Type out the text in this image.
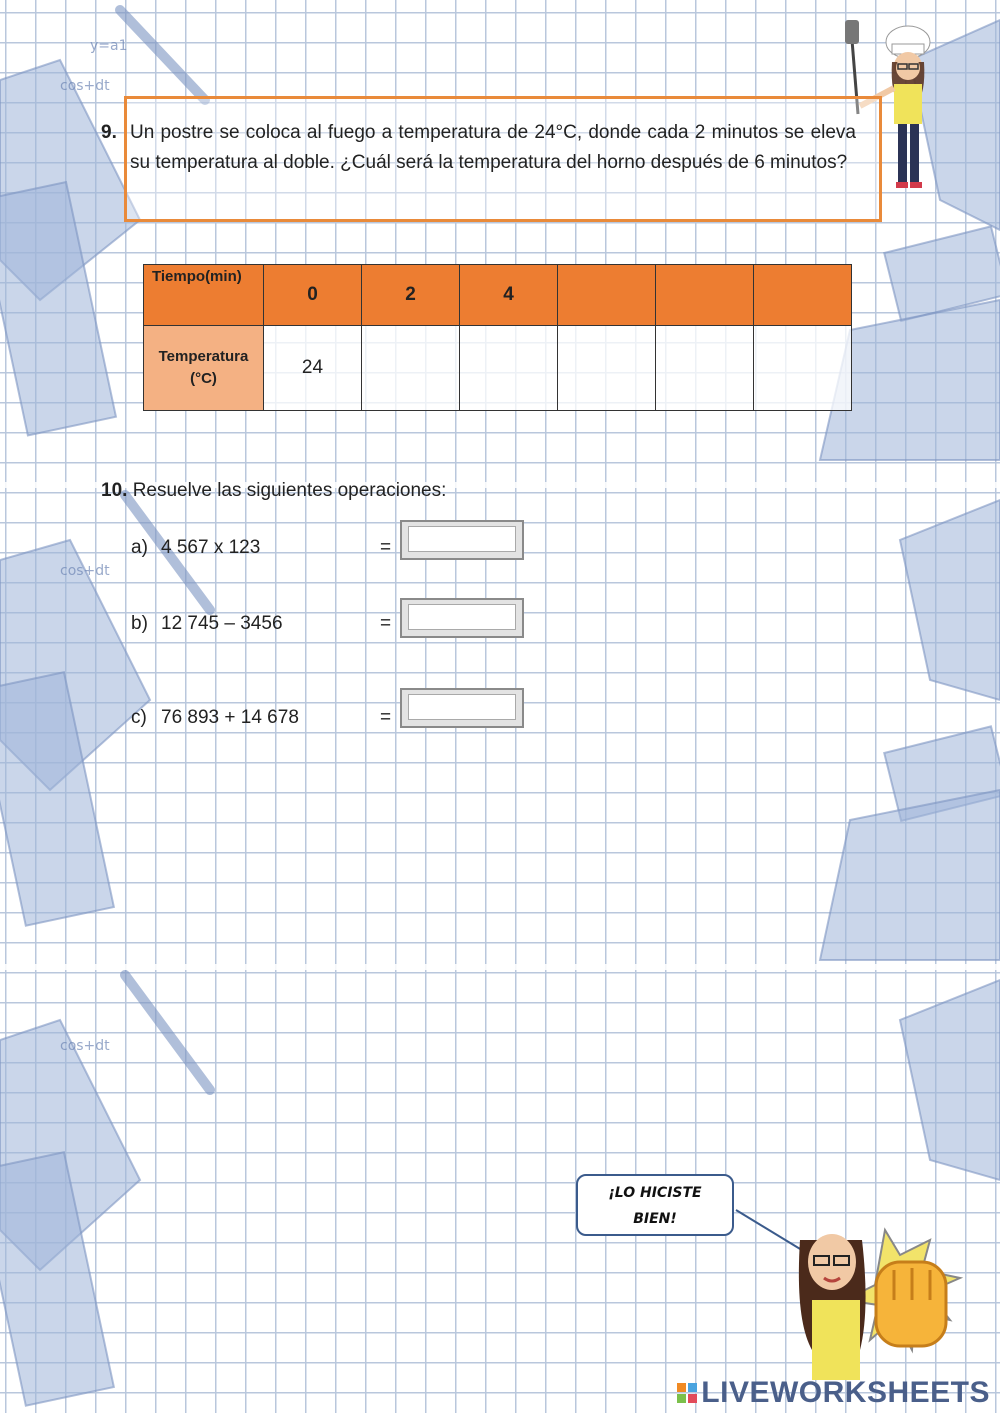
cos+dt
y=a1
cos+dt
cos+dt
9. Un postre se coloca al fuego a temperatura de 24°C, donde cada 2 minutos se eleva su temperatura al doble. ¿Cuál será la temperatura del horno después de 6 minutos?
Tiempo(min)	0	2	4			
Temperatura
(°C)	24					
10. Resuelve las siguientes operaciones:
a) 4 567 x 123	=
b) 12 745 – 3456	=
c) 76 893 + 14 678	=
¡LO HICISTE
BIEN!
LIVEWORKSHEETS
